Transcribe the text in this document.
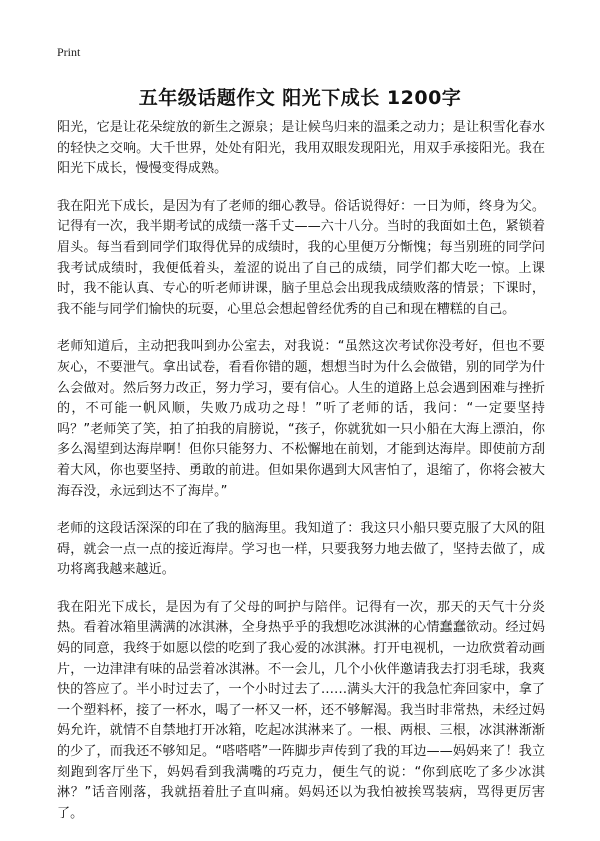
Print
五年级话题作文 阳光下成长 1200字

阳光，它是让花朵绽放的新生之源泉；是让候鸟归来的温柔之动力；是让积雪化春水的轻快之交响。大千世界，处处有阳光，我用双眼发现阳光，用双手承接阳光。我在阳光下成长，慢慢变得成熟。

我在阳光下成长，是因为有了老师的细心教导。俗话说得好：一日为师，终身为父。记得有一次，我半期考试的成绩一落千丈——六十八分。当时的我面如土色，紧锁着眉头。每当看到同学们取得优异的成绩时，我的心里便万分惭愧；每当别班的同学问我考试成绩时，我便低着头，羞涩的说出了自己的成绩，同学们都大吃一惊。上课时，我不能认真、专心的听老师讲课，脑子里总会出现我成绩败落的情景；下课时，我不能与同学们愉快的玩耍，心里总会想起曾经优秀的自己和现在糟糕的自己。

老师知道后，主动把我叫到办公室去，对我说：“虽然这次考试你没考好，但也不要灰心，不要泄气。拿出试卷，看看你错的题，想想当时为什么会做错，别的同学为什么会做对。然后努力改正，努力学习，要有信心。人生的道路上总会遇到困难与挫折的，不可能一帆风顺，失败乃成功之母！”听了老师的话，我问：“一定要坚持吗？”老师笑了笑，拍了拍我的肩膀说，“孩子，你就犹如一只小船在大海上漂泊，你多么渴望到达海岸啊！但你只能努力、不松懈地在前划，才能到达海岸。即使前方刮着大风，你也要坚持、勇敢的前进。但如果你遇到大风害怕了，退缩了，你将会被大海吞没，永远到达不了海岸。”

老师的这段话深深的印在了我的脑海里。我知道了：我这只小船只要克服了大风的阻碍，就会一点一点的接近海岸。学习也一样，只要我努力地去做了，坚持去做了，成功将离我越来越近。

我在阳光下成长，是因为有了父母的呵护与陪伴。记得有一次，那天的天气十分炎热。看着冰箱里满满的冰淇淋，全身热乎乎的我想吃冰淇淋的心情蠢蠢欲动。经过妈妈的同意，我终于如愿以偿的吃到了我心爱的冰淇淋。打开电视机，一边欣赏着动画片，一边津津有味的品尝着冰淇淋。不一会儿，几个小伙伴邀请我去打羽毛球，我爽快的答应了。半小时过去了，一个小时过去了……满头大汗的我急忙奔回家中，拿了一个塑料杯，接了一杯水，喝了一杯又一杯，还不够解渴。我当时非常热，未经过妈妈允许，就情不自禁地打开冰箱，吃起冰淇淋来了。一根、两根、三根，冰淇淋渐渐的少了，而我还不够知足。“嗒嗒嗒”一阵脚步声传到了我的耳边——妈妈来了！我立刻跑到客厅坐下，妈妈看到我满嘴的巧克力，便生气的说：“你到底吃了多少冰淇淋？”话音刚落，我就捂着肚子直叫痛。妈妈还以为我怕被挨骂装病，骂得更厉害了。
